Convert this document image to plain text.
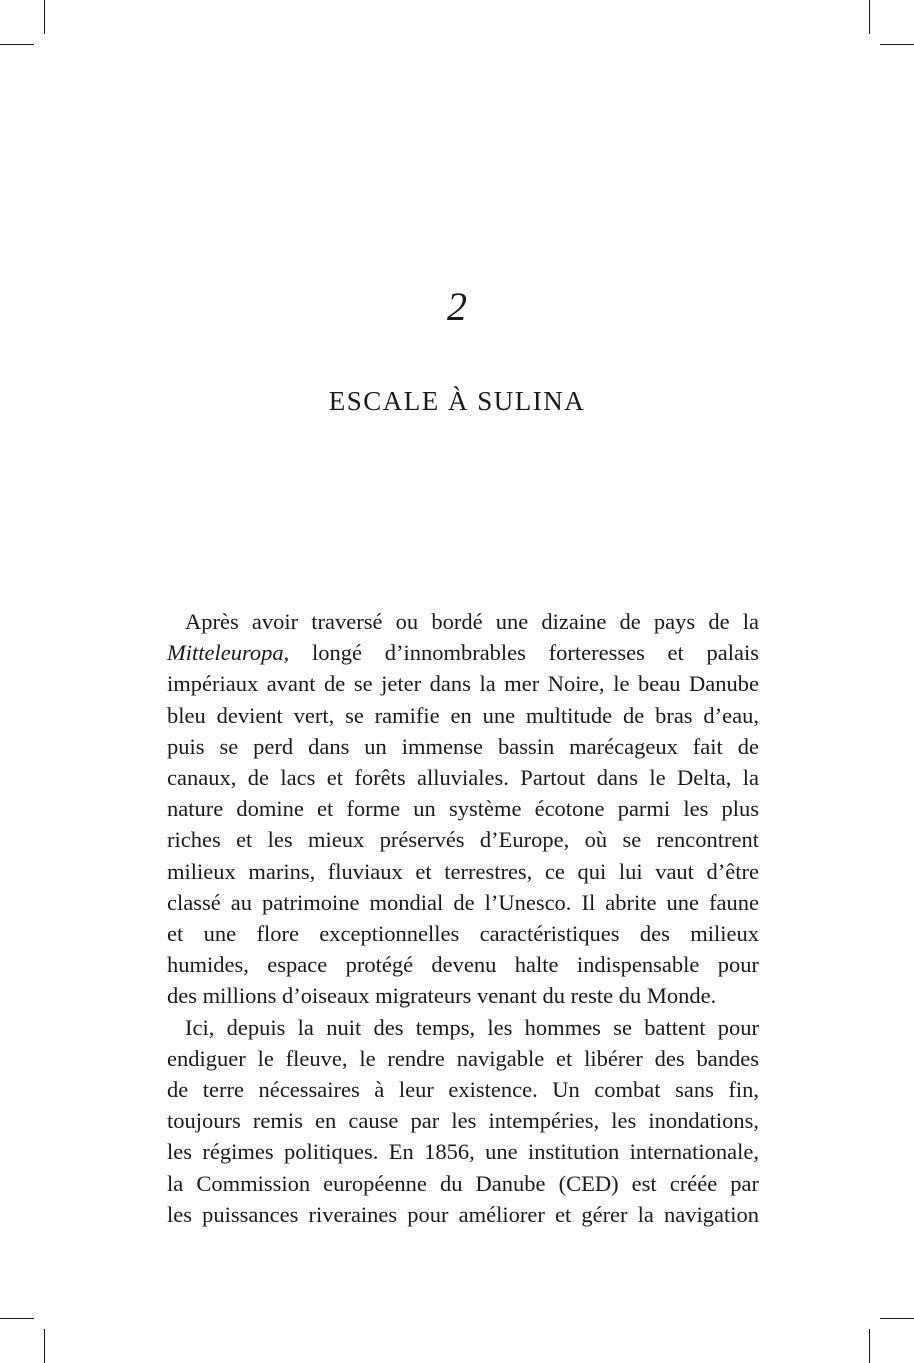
2
ESCALE À SULINA
Après avoir traversé ou bordé une dizaine de pays de la
Mitteleuropa, longé d’innombrables forteresses et palais
impériaux avant de se jeter dans la mer Noire, le beau Danube
bleu devient vert, se ramifie en une multitude de bras d’eau,
puis se perd dans un immense bassin marécageux fait de
canaux, de lacs et forêts alluviales. Partout dans le Delta, la
nature domine et forme un système écotone parmi les plus
riches et les mieux préservés d’Europe, où se rencontrent
milieux marins, fluviaux et terrestres, ce qui lui vaut d’être
classé au patrimoine mondial de l’Unesco. Il abrite une faune
et une flore exceptionnelles caractéristiques des milieux
humides, espace protégé devenu halte indispensable pour
des millions d’oiseaux migrateurs venant du reste du Monde.
Ici, depuis la nuit des temps, les hommes se battent pour
endiguer le fleuve, le rendre navigable et libérer des bandes
de terre nécessaires à leur existence. Un combat sans fin,
toujours remis en cause par les intempéries, les inondations,
les régimes politiques. En 1856, une institution internationale,
la Commission européenne du Danube (CED) est créée par
les puissances riveraines pour améliorer et gérer la navigation
